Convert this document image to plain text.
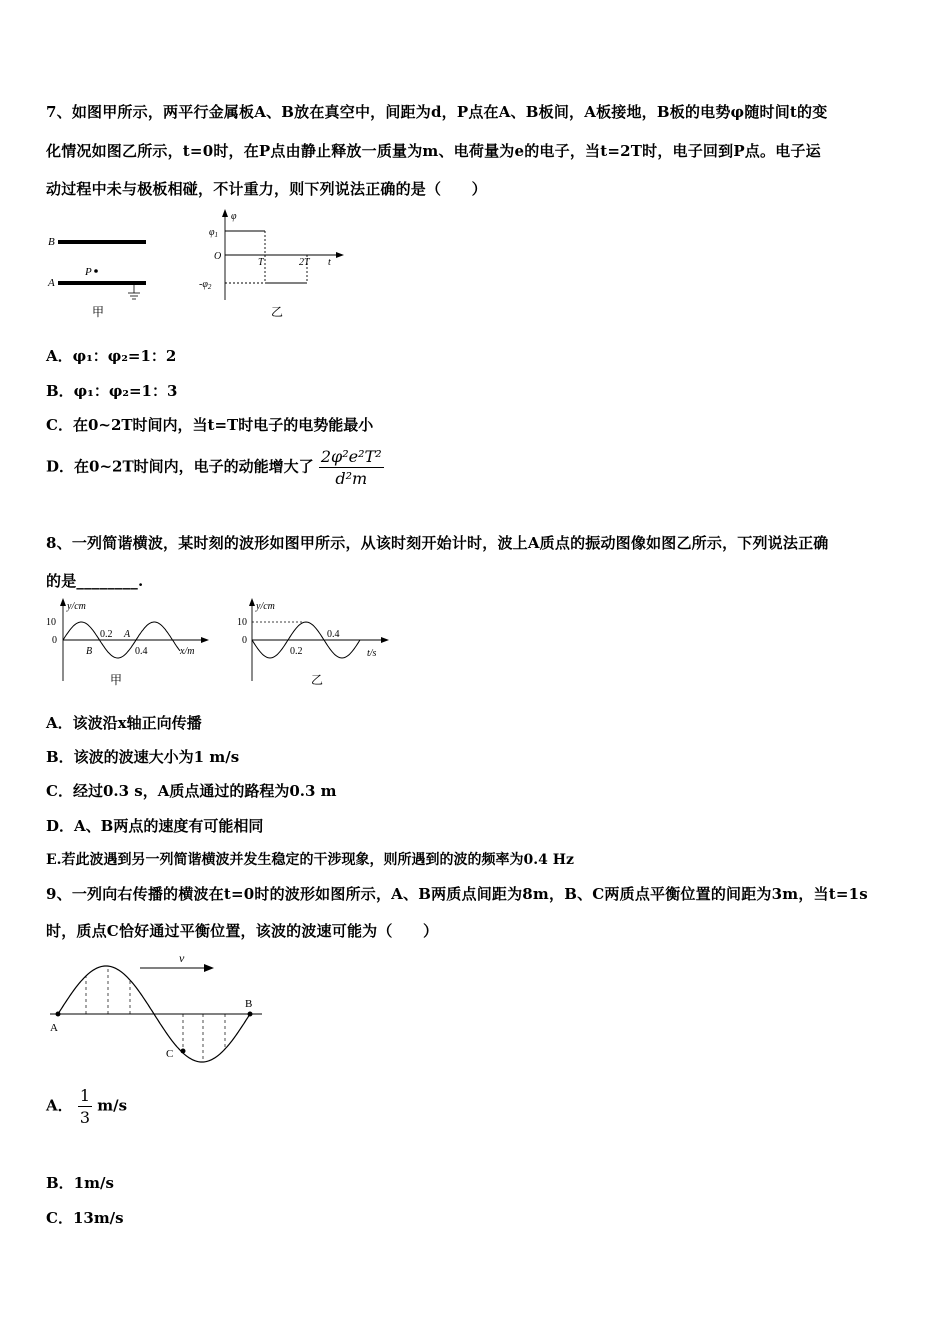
7、如图甲所示，两平行金属板A、B放在真空中，间距为d，P点在A、B板间，A板接地，B板的电势φ随时间t的变
化情况如图乙所示，t=0时，在P点由静止释放一质量为m、电荷量为e的电子，当t=2T时，电子回到P点。电子运
动过程中未与极板相碰，不计重力，则下列说法正确的是（　　）
B
P
A
甲
φ
$\varphi_1$
O
T	2T t
$-\varphi_2$
乙
A．φ₁：φ₂=1：2
B．φ₁：φ₂=1：3
C．在0~2T时间内，当t=T时电子的电势能最小
D．在0~2T时间内，电子的动能增大了 $\frac{\text{2φ²e²T²}}{\text{d²m}}$
8、一列简谐横波，某时刻的波形如图甲所示，从该时刻开始计时，波上A质点的振动图像如图乙所示，下列说法正确
的是________.
y/cm
10
0
0.2
0.4	x/m
A
B
甲
y/cm
10
0
0.2
0.4
t/s
乙
A．该波沿x轴正向传播
B．该波的波速大小为1 m/s
C．经过0.3 s，A质点通过的路程为0.3 m
D．A、B两点的速度有可能相同
E.若此波遇到另一列简谐横波并发生稳定的干涉现象，则所遇到的波的频率为0.4 Hz
9、一列向右传播的横波在t=0时的波形如图所示，A、B两质点间距为8m，B、C两质点平衡位置的间距为3m，当t=1s
时，质点C恰好通过平衡位置，该波的波速可能为（　　）
v
A
B
C
A． $\frac{1}{3} m/s$
B．1m/s
C．13m/s
